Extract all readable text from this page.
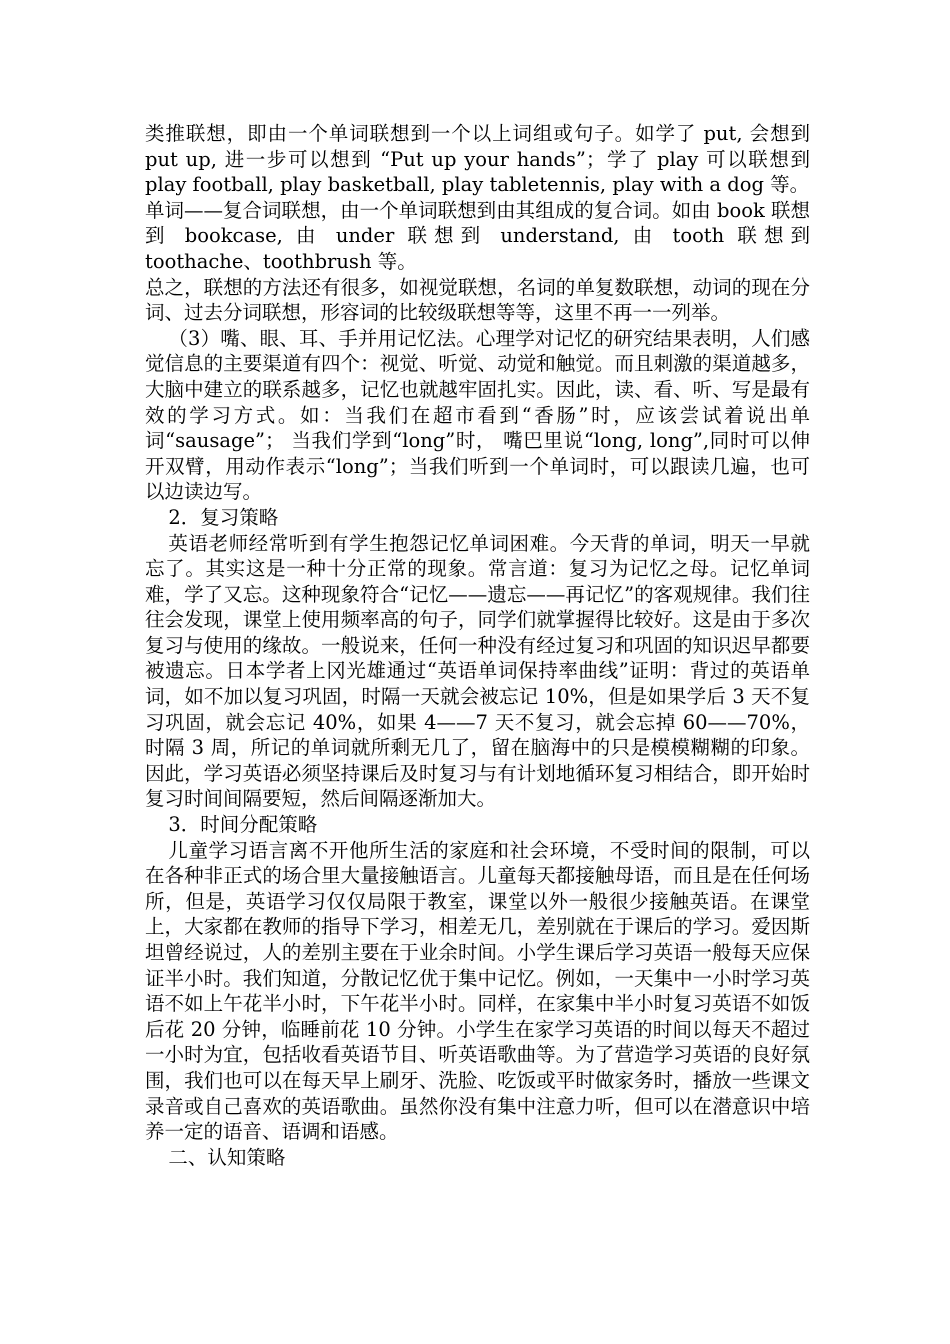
类推联想，即由一个单词联想到一个以上词组或句子。如学了 put, 会想到 put up, 进一步可以想到 “Put up your hands”；学了 play 可以联想到 play football, play basketball, play tabletennis, play with a dog 等。

单词——复合词联想，由一个单词联想到由其组成的复合词。如由 book 联想到 bookcase, 由 under 联想到 understand, 由 tooth 联想到 toothache、toothbrush 等。

总之，联想的方法还有很多，如视觉联想，名词的单复数联想，动词的现在分词、过去分词联想，形容词的比较级联想等等，这里不再一一列举。

（3）嘴、眼、耳、手并用记忆法。心理学对记忆的研究结果表明，人们感觉信息的主要渠道有四个：视觉、听觉、动觉和触觉。而且刺激的渠道越多，大脑中建立的联系越多，记忆也就越牢固扎实。因此，读、看、听、写是最有效的学习方式。如：当我们在超市看到“香肠”时，应该尝试着说出单词“sausage”； 当我们学到“long”时， 嘴巴里说“long, long”,同时可以伸开双臂，用动作表示“long”；当我们听到一个单词时，可以跟读几遍，也可以边读边写。

2．复习策略

英语老师经常听到有学生抱怨记忆单词困难。今天背的单词，明天一早就忘了。其实这是一种十分正常的现象。常言道：复习为记忆之母。记忆单词难，学了又忘。这种现象符合“记忆——遗忘——再记忆”的客观规律。我们往往会发现，课堂上使用频率高的句子，同学们就掌握得比较好。这是由于多次复习与使用的缘故。一般说来，任何一种没有经过复习和巩固的知识迟早都要被遗忘。日本学者上冈光雄通过“英语单词保持率曲线”证明：背过的英语单词，如不加以复习巩固，时隔一天就会被忘记 10%，但是如果学后 3 天不复习巩固，就会忘记 40%，如果 4——7 天不复习，就会忘掉 60——70%，时隔 3 周，所记的单词就所剩无几了，留在脑海中的只是模模糊糊的印象。因此，学习英语必须坚持课后及时复习与有计划地循环复习相结合，即开始时复习时间间隔要短，然后间隔逐渐加大。

3．时间分配策略

儿童学习语言离不开他所生活的家庭和社会环境，不受时间的限制，可以在各种非正式的场合里大量接触语言。儿童每天都接触母语，而且是在任何场所，但是，英语学习仅仅局限于教室，课堂以外一般很少接触英语。在课堂上，大家都在教师的指导下学习，相差无几，差别就在于课后的学习。爱因斯坦曾经说过，人的差别主要在于业余时间。小学生课后学习英语一般每天应保证半小时。我们知道，分散记忆优于集中记忆。例如，一天集中一小时学习英语不如上午花半小时，下午花半小时。同样，在家集中半小时复习英语不如饭后花 20 分钟，临睡前花 10 分钟。小学生在家学习英语的时间以每天不超过一小时为宜，包括收看英语节目、听英语歌曲等。为了营造学习英语的良好氛围，我们也可以在每天早上刷牙、洗脸、吃饭或平时做家务时，播放一些课文录音或自己喜欢的英语歌曲。虽然你没有集中注意力听，但可以在潜意识中培养一定的语音、语调和语感。

二、认知策略
